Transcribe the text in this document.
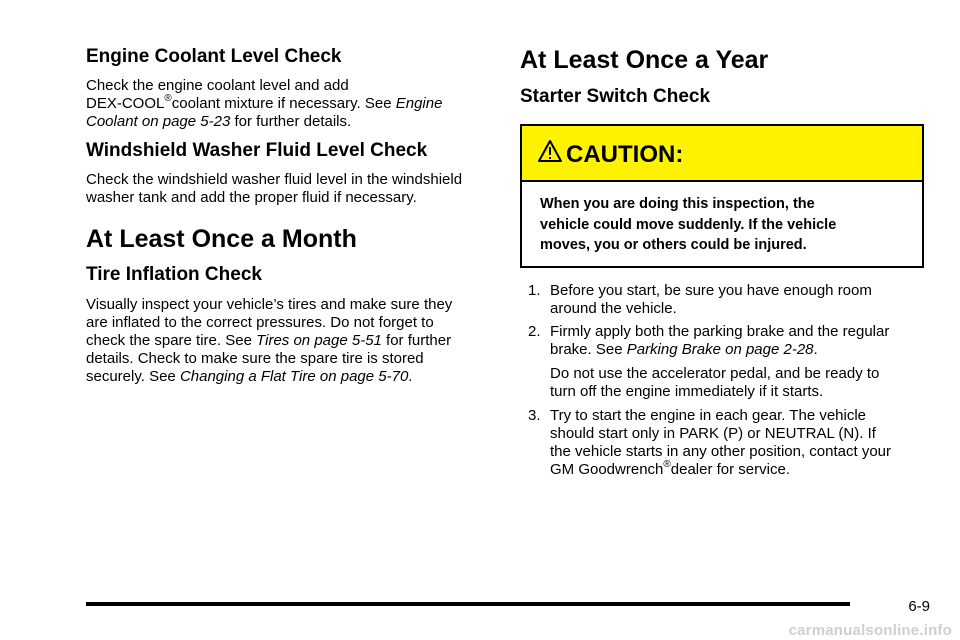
Engine Coolant Level Check

Check the engine coolant level and add

DEX-COOL®coolant mixture if necessary. See Engine

Coolant on page 5-23 for further details.

Windshield Washer Fluid Level Check

Check the windshield washer fluid level in the windshield

washer tank and add the proper fluid if necessary.

At Least Once a Month
Tire Inflation Check

Visually inspect your vehicle’s tires and make sure they

are inflated to the correct pressures. Do not forget to

check the spare tire. See Tires on page 5-51 for further

details. Check to make sure the spare tire is stored

securely. See Changing a Flat Tire on page 5-70.

At Least Once a Year
Starter Switch Check
CAUTION:
When you are doing this inspection, the
vehicle could move suddenly. If the vehicle
moves, you or others could be injured.
1. Before you start, be sure you have enough room
around the vehicle.
2. Firmly apply both the parking brake and the regular
brake. See Parking Brake on page 2-28.
Do not use the accelerator pedal, and be ready to
turn off the engine immediately if it starts.
3. Try to start the engine in each gear. The vehicle
should start only in PARK (P) or NEUTRAL (N). If
the vehicle starts in any other position, contact your
GM Goodwrench®dealer for service.
6-9
carmanualsonline.info
